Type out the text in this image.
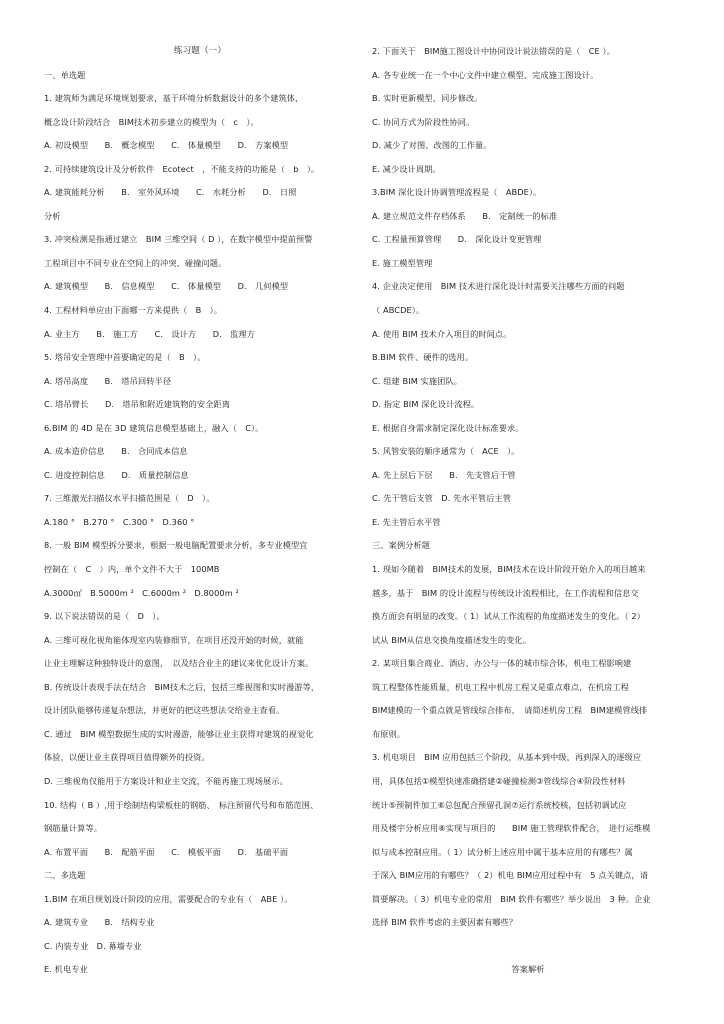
练习题（一）
一、单选题
1. 建筑师为满足环境规划要求，基于环境分析数据设计的多个建筑体，
概念设计阶段结合　BIM技术初步建立的模型为（　c　）。
A. 初设模型　　B.　概念模型　　C.　体量模型　　D.　方案模型
2. 可持续建筑设计及分析软件　Ecotect　，不能支持的功能是（　b　）。
A. 建筑能耗分析　　B.　室外风环境　　C.　水耗分析　　D.　日照
分析
3. 冲突检测是指通过建立　BIM 三维空间（ D ），在数字模型中提前预警
工程项目中不同专业在空间上的冲突、碰撞问题。
A. 建筑模型　　B.　信息模型　　C.　体量模型　　D.　几何模型
4. 工程材料单应由下面哪一方来提供（　B　）。
A. 业主方　　B.　施工方　　C.　设计方　　D.　监理方
5. 塔吊安全管理中首要确定的是（　B　）。
A. 塔吊高度　　B.　塔吊回转半径
C. 塔吊臂长　　D.　塔吊和附近建筑物的安全距离
6.BIM 的 4D 是在 3D 建筑信息模型基础上，融入（　C）。
A. 成本造价信息　　B.　合同成本信息
C. 进度控制信息　　D.　质量控制信息
7. 三维激光扫描仪水平扫描范围是（　D　）。
A.180 °　B.270 °　C.300 °　D.360 °
8. 一般 BIM 模型拆分要求，根据一般电脑配置要求分析，多专业模型宜
控制在（　C　）内，单个文件不大于　100MB
A.3000㎡　B.5000m ²　C.6000m ²　D.8000m ²
9. 以下说法错误的是（　D　）。
A. 三维可视化视角能体现室内装修细节，在项目还没开始的时候，就能
让业主理解这种独特设计的意图，　以及结合业主的建议来优化设计方案。
B. 传统设计表现手法在结合　BIM技术之后，包括三维视图和实时漫游等，
设计团队能够传递复杂想法，并更好的把这些想法交给业主查看。
C. 通过　BIM 模型数据生成的实时漫游，能够让业主获得对建筑的视觉化
体验，以便让业主获得项目值得额外的投资。
D. 三维视角仅能用于方案设计和业主交流，不能再施工现场展示。
10. 结构（ B ）,用于绘制结构梁板柱的钢筋、　标注预留代号和布筋范围、
钢筋量计算等。
A. 布置平面　　B.　配筋平面　　C.　模板平面　　D.　基础平面
二、多选题
1.BIM 在项目规划设计阶段的应用，需要配合的专业有（　ABE ）。
A. 建筑专业　　B.　结构专业
C. 内装专业　D. 幕墙专业
E. 机电专业
2. 下面关于　BIM施工图设计中协同设计说法错误的是（　CE ）。
A. 各专业统一在一个中心文件中建立模型、完成施工图设计。
B. 实时更新模型，同步修改。
C. 协同方式为阶段性协同。
D. 减少了对图、改图的工作量。
E. 减少设计周期。
3.BIM 深化设计协调管理流程是（　ABDE）。
A. 建立规范文件存档体系　　B.　定制统一的标准
C. 工程量预算管理　　D.　深化设计变更管理
E. 施工模型管理
4. 企业决定使用　BIM 技术进行深化设计时需要关注哪些方面的问题
（ ABCDE）。
A. 使用 BIM 技术介入项目的时间点。
B.BIM 软件、硬件的选用。
C. 组建 BIM 实施团队。
D. 指定 BIM 深化设计流程。
E. 根据自身需求制定深化设计标准要求。
5. 风管安装的顺序通常为（　ACE　）。
A. 先上层后下层　　B.　先支管后干管
C. 先干管后支管　D. 先水平管后主管
E. 先主管后水平管
三、案例分析题
1. 现如今随着　BIM技术的发展，BIM技术在设计阶段开始介入的项目越来
越多，基于　BIM 的设计流程与传统设计流程相比，在工作流程和信息交
换方面会有明显的改变。（ 1）试从工作流程的角度描述发生的变化。（ 2）
试从 BIM从信息交换角度描述发生的变化。
2. 某项目集合商业、酒店、办公与一体的城市综合体，机电工程影响建
筑工程整体性能质量，机电工程中机房工程又是重点难点，在机房工程
BIM建模的一个重点就是管线综合排布，　请简述机房工程　BIM建模管线排
布原则。
3. 机电项目　BIM 应用包括三个阶段，从基本到中级，再到深入的逐级应
用，具体包括①模型快速准确搭建②碰撞检测③管线综合④阶段性材料
统计⑤预制件加工⑥总包配合预留孔洞⑦运行系统校核，包括初调试应
用及楼宇分析应用⑧实现与项目的　　BIM 施工管理软件配合，　进行运维模
拟与成本控制应用。（ 1）试分析上述应用中属于基本应用的有哪些？属
于深入 BIM应用的有哪些？（ 2）机电 BIM应用过程中有　5 点关键点，请
简要解决。（ 3）机电专业的常用　BIM 软件有哪些？举少说出　3 种。企业
选择 BIM 软件考虑的主要因素有哪些？
答案解析
